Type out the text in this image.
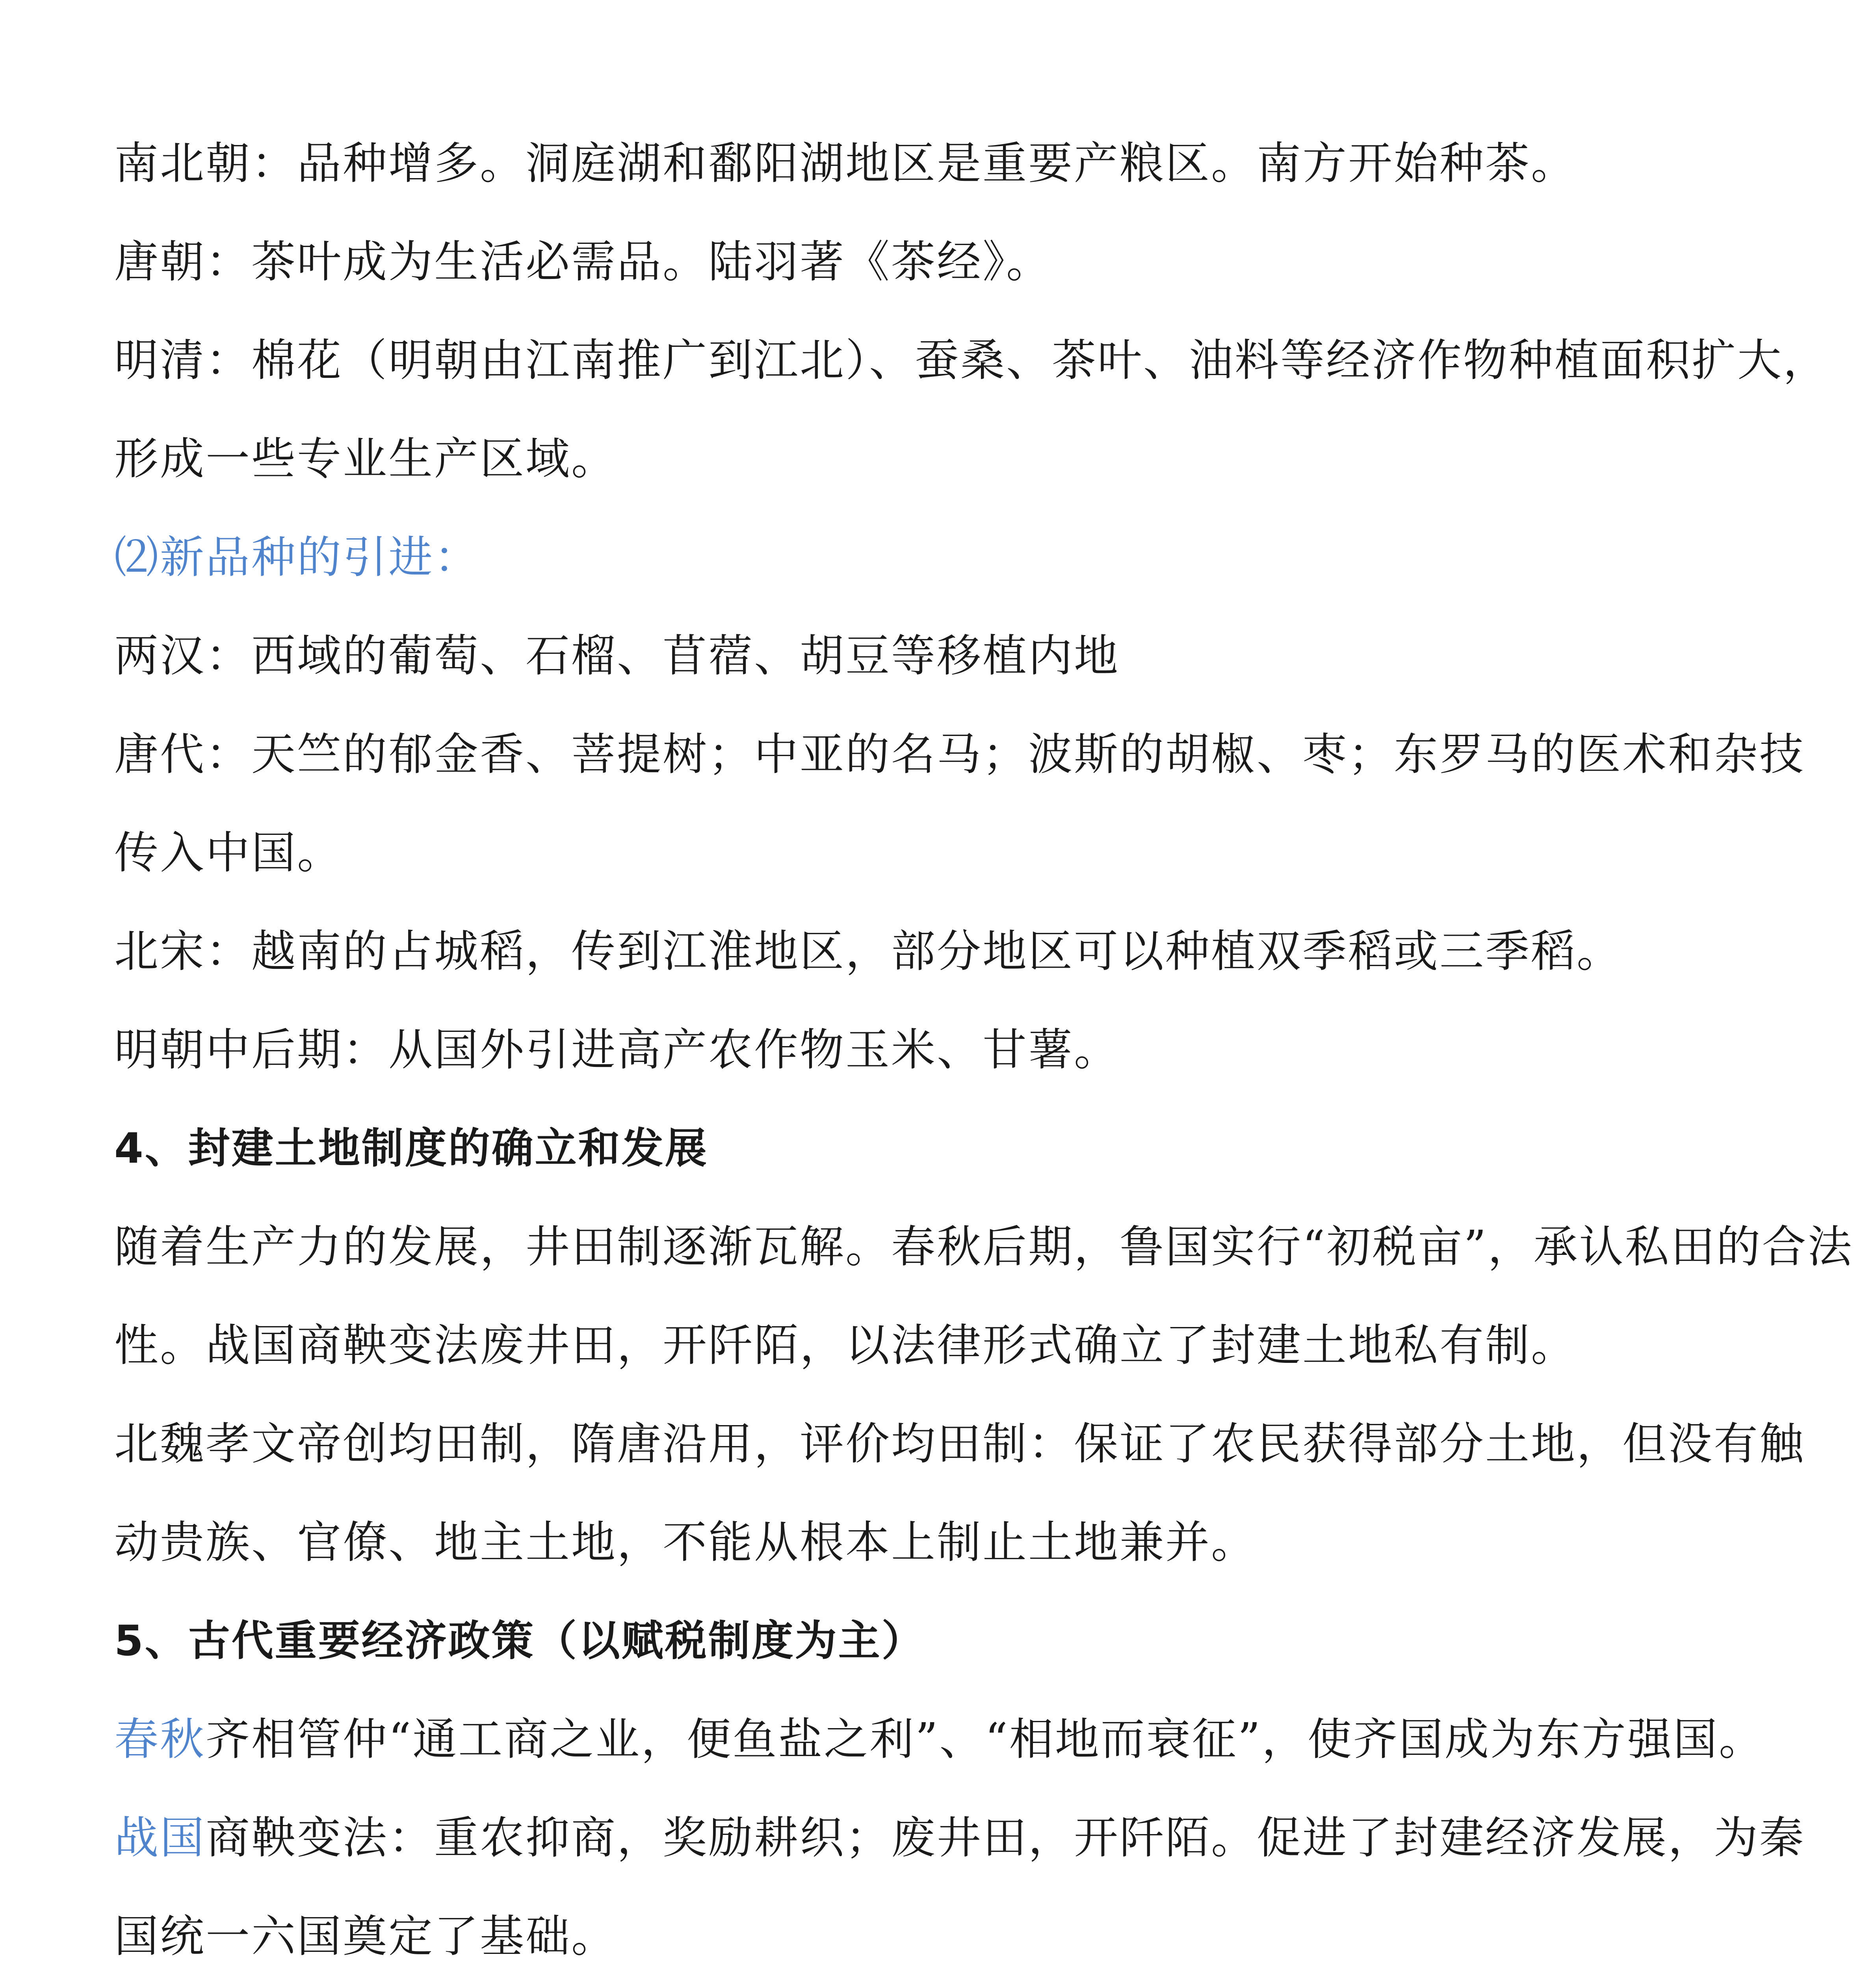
南北朝：品种增多。洞庭湖和鄱阳湖地区是重要产粮区。南方开始种茶。
唐朝：茶叶成为生活必需品。陆羽著《茶经》。
明清：棉花（明朝由江南推广到江北）、蚕桑、茶叶、油料等经济作物种植面积扩大，
形成一些专业生产区域。
⑵新品种的引进：
两汉：西域的葡萄、石榴、苜蓿、胡豆等移植内地
唐代：天竺的郁金香、菩提树；中亚的名马；波斯的胡椒、枣；东罗马的医术和杂技
传入中国。
北宋：越南的占城稻，传到江淮地区，部分地区可以种植双季稻或三季稻。
明朝中后期：从国外引进高产农作物玉米、甘薯。
4、封建土地制度的确立和发展
随着生产力的发展，井田制逐渐瓦解。春秋后期，鲁国实行“初税亩”，承认私田的合法
性。战国商鞅变法废井田，开阡陌，以法律形式确立了封建土地私有制。
北魏孝文帝创均田制，隋唐沿用，评价均田制：保证了农民获得部分土地，但没有触
动贵族、官僚、地主土地，不能从根本上制止土地兼并。
5、古代重要经济政策（以赋税制度为主）
春秋齐相管仲“通工商之业，便鱼盐之利”、“相地而衰征”，使齐国成为东方强国。
战国商鞅变法：重农抑商，奖励耕织；废井田，开阡陌。促进了封建经济发展，为秦
国统一六国奠定了基础。
